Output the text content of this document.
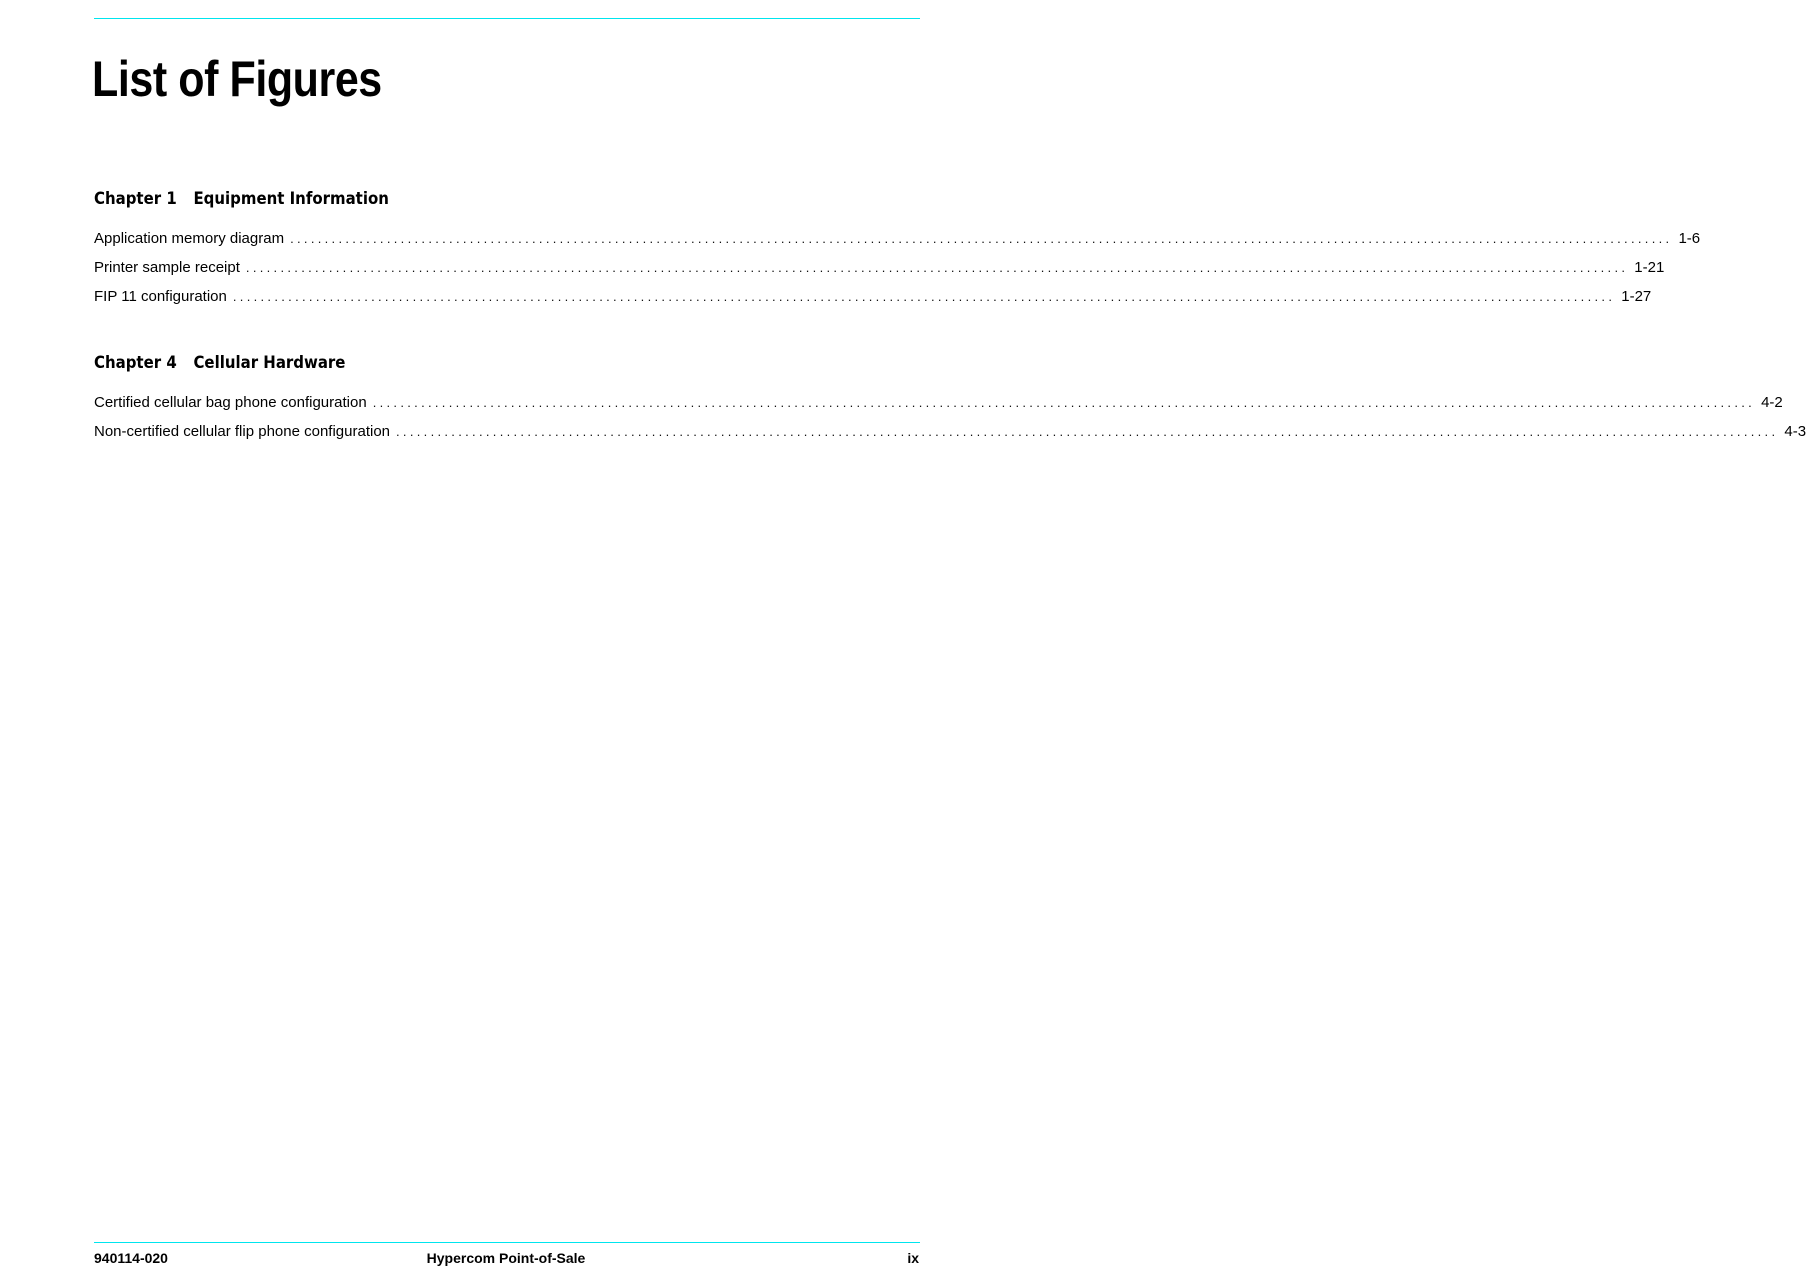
List of Figures
Chapter 1 Equipment Information
Application memory diagram ........................................................................................................................................................................................................ 1-6
Printer sample receipt ........................................................................................................................................................................................................ 1-21
FIP 11 configuration ........................................................................................................................................................................................................ 1-27
Chapter 4 Cellular Hardware
Certified cellular bag phone configuration ........................................................................................................................................................................................................ 4-2
Non-certified cellular flip phone configuration ........................................................................................................................................................................................................ 4-3
940114-020	Hypercom Point-of-Sale	ix
